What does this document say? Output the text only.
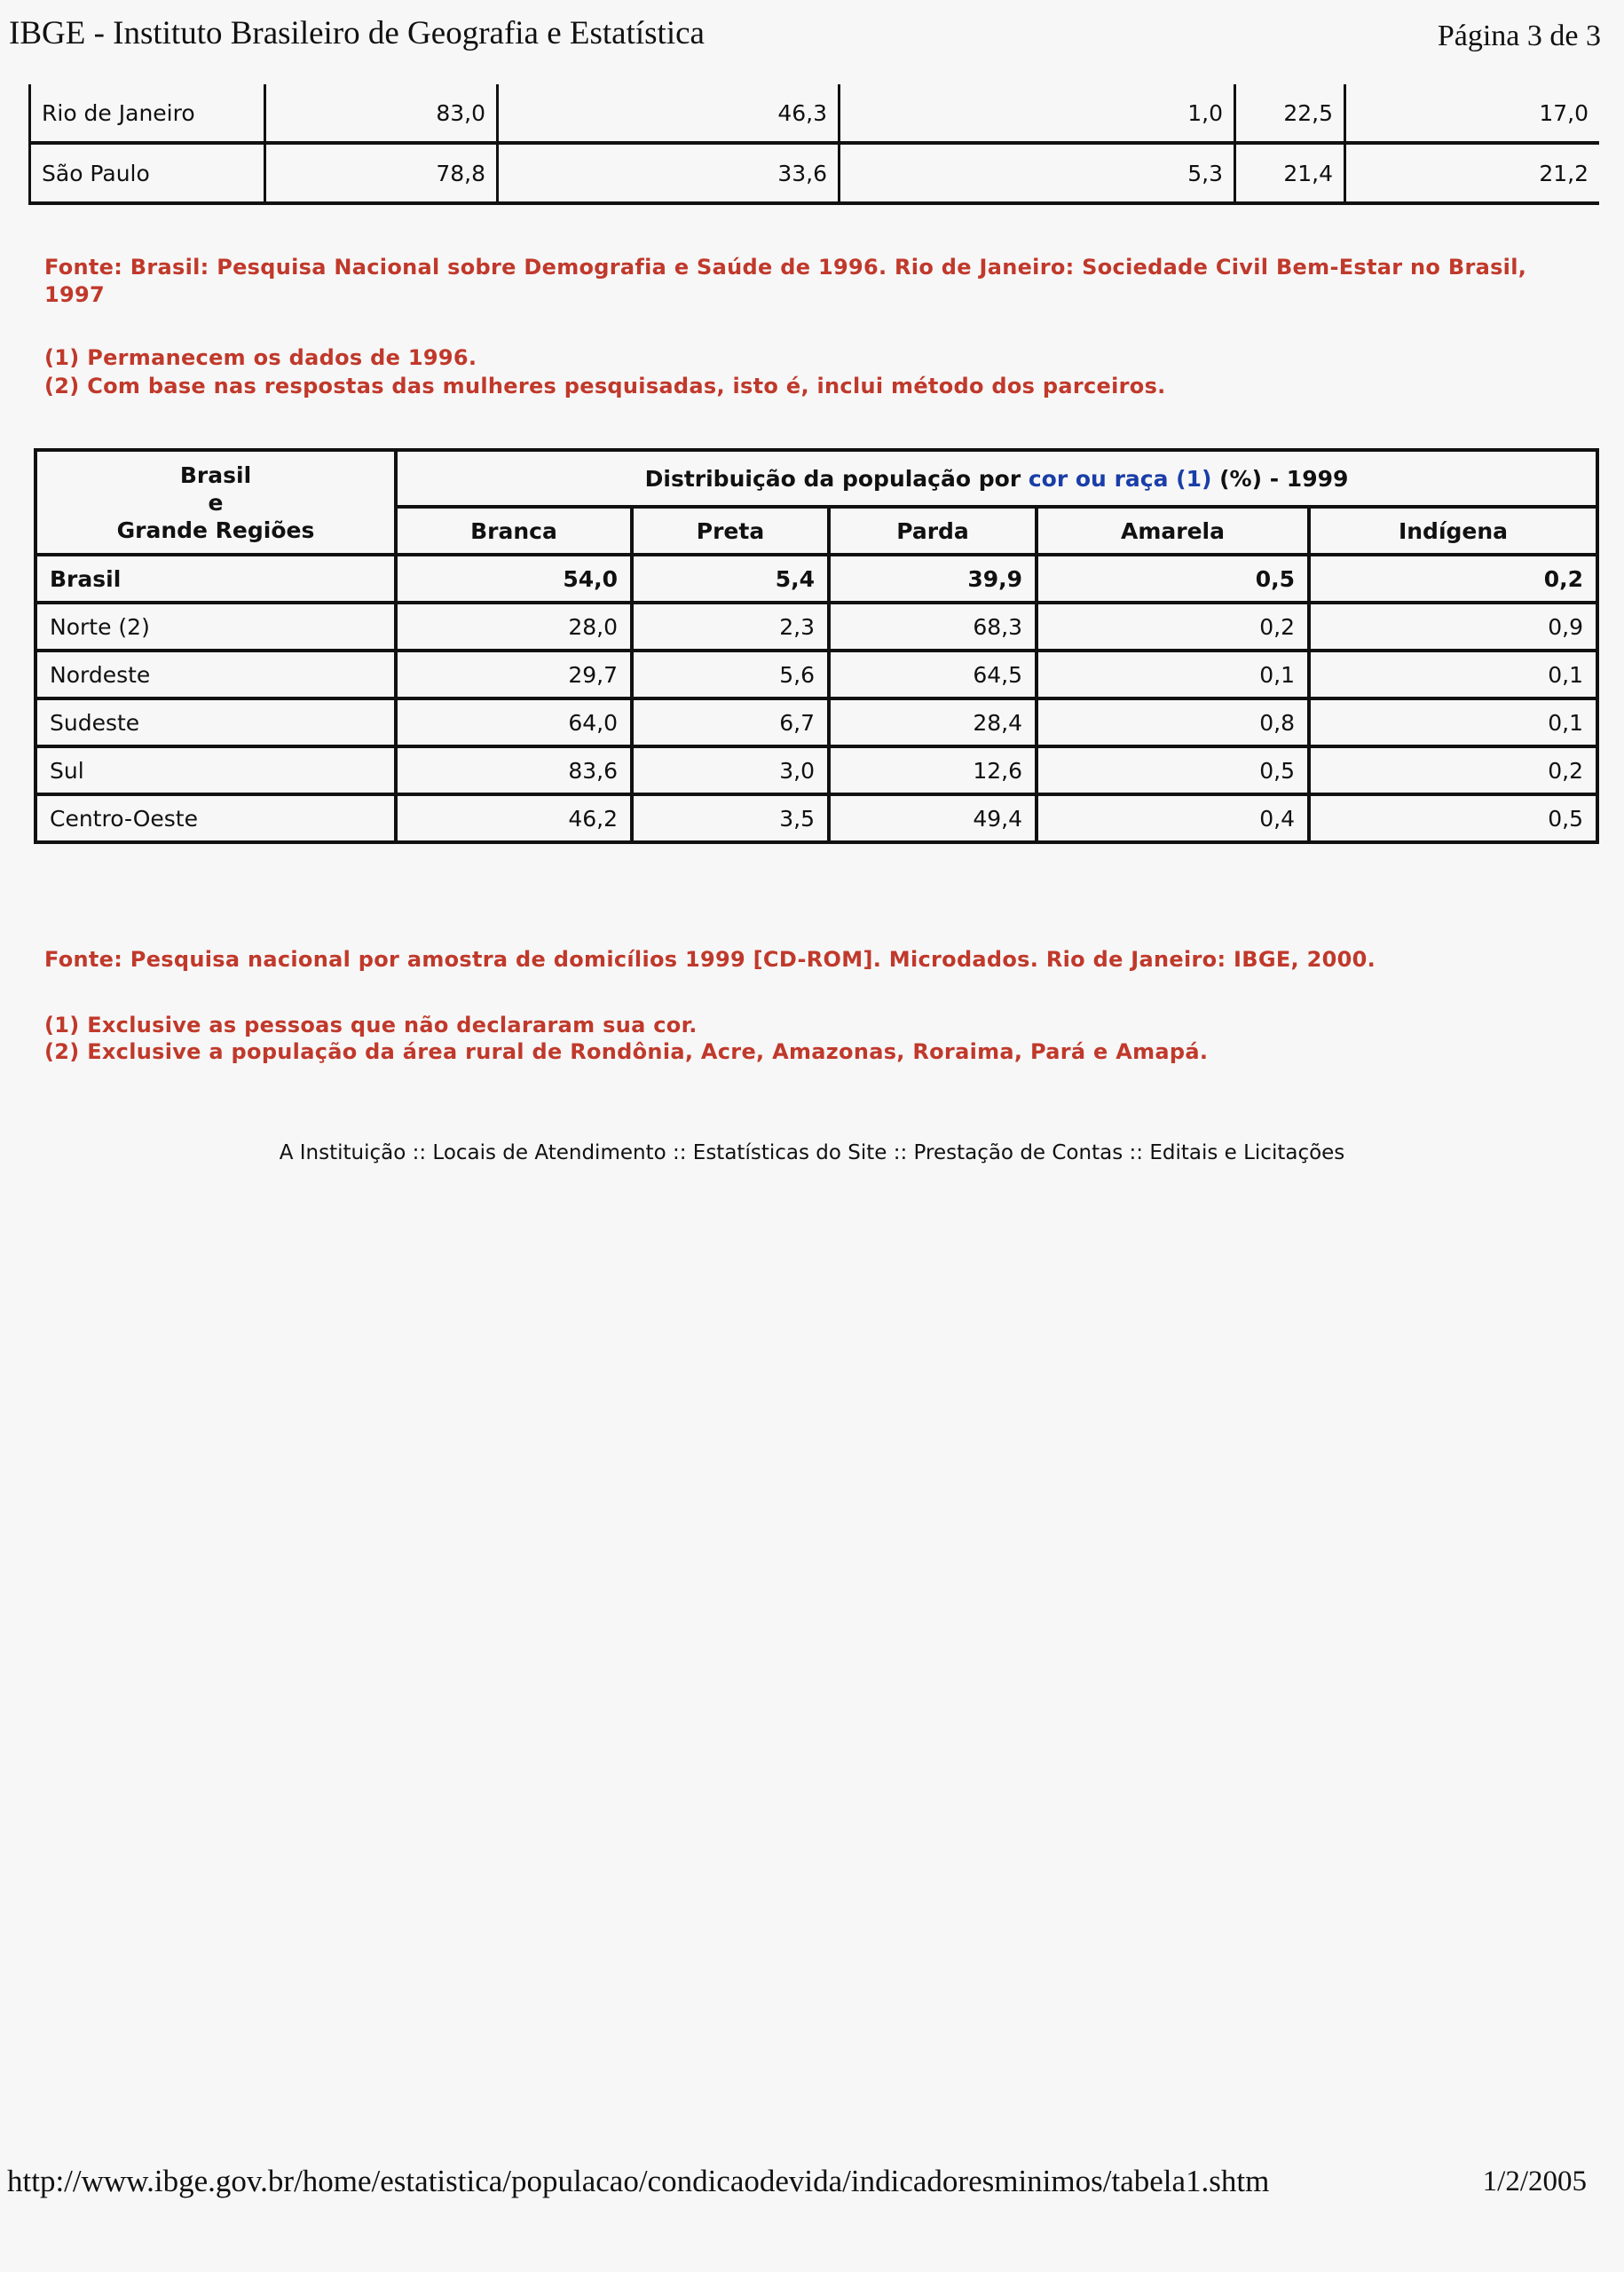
IBGE - Instituto Brasileiro de Geografia e Estatística	Página 3 de 3
Rio de Janeiro	83,0	46,3	1,0	22,5	17,0
São Paulo	78,8	33,6	5,3	21,4	21,2
Fonte: Brasil: Pesquisa Nacional sobre Demografia e Saúde de 1996. Rio de Janeiro: Sociedade Civil Bem-Estar no Brasil, 1997
(1) Permanecem os dados de 1996.
(2) Com base nas respostas das mulheres pesquisadas, isto é, inclui método dos parceiros.
Brasil
e
Grande Regiões	Distribuição da população por cor ou raça (1) (%) - 1999				
	Branca	Preta	Parda	Amarela	Indígena
Brasil	54,0	5,4	39,9	0,5	0,2
Norte (2)	28,0	2,3	68,3	0,2	0,9
Nordeste	29,7	5,6	64,5	0,1	0,1
Sudeste	64,0	6,7	28,4	0,8	0,1
Sul	83,6	3,0	12,6	0,5	0,2
Centro-Oeste	46,2	3,5	49,4	0,4	0,5
Fonte: Pesquisa nacional por amostra de domicílios 1999 [CD-ROM]. Microdados. Rio de Janeiro: IBGE, 2000.
(1) Exclusive as pessoas que não declararam sua cor.
(2) Exclusive a população da área rural de Rondônia, Acre, Amazonas, Roraima, Pará e Amapá.
A Instituição :: Locais de Atendimento :: Estatísticas do Site :: Prestação de Contas :: Editais e Licitações
http://www.ibge.gov.br/home/estatistica/populacao/condicaodevida/indicadoresminimos/tabela1.shtm	1/2/2005
